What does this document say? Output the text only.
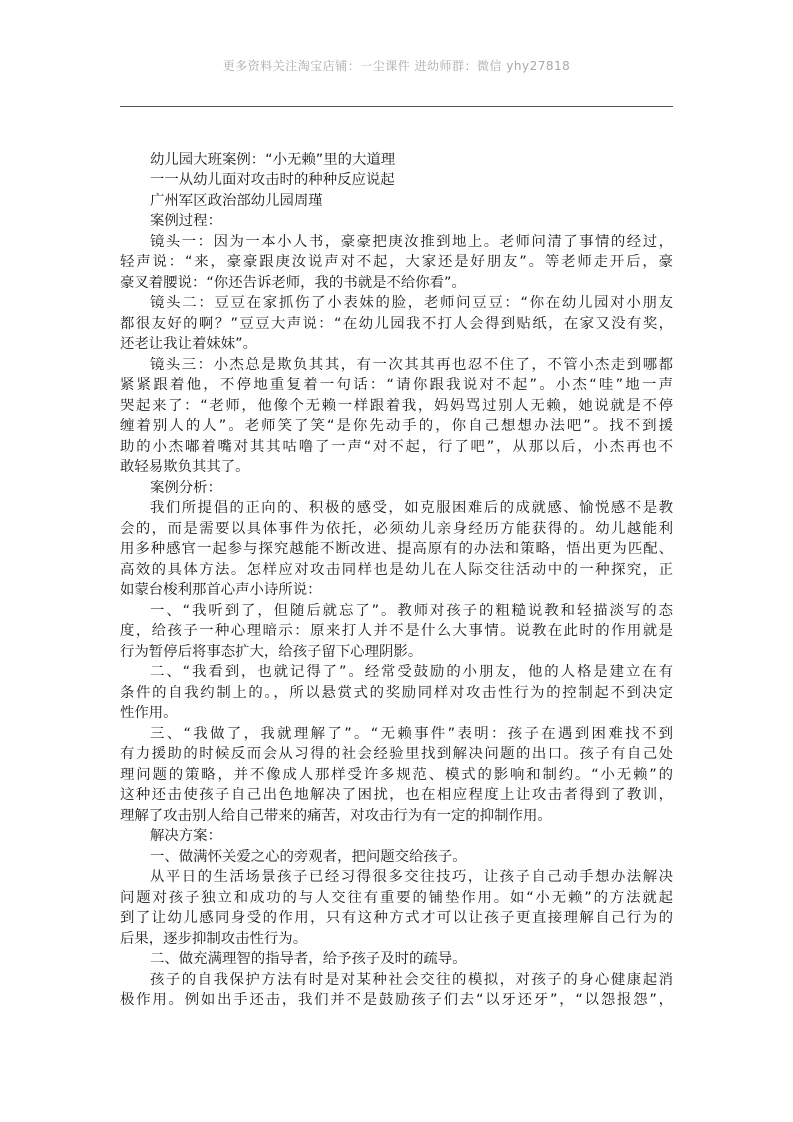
更多资料关注淘宝店铺：一尘课件 进幼师群：微信 yhy27818
幼儿园大班案例：“小无赖”里的大道理
一一从幼儿面对攻击时的种种反应说起
广州军区政治部幼儿园周瑾
案例过程：
镜头一：因为一本小人书，豪豪把庚汝推到地上。老师问清了事情的经过，
轻声说：“来，豪豪跟庚汝说声对不起，大家还是好朋友”。等老师走开后，豪
豪叉着腰说：“你还告诉老师，我的书就是不给你看”。
镜头二：豆豆在家抓伤了小表妹的脸，老师问豆豆：“你在幼儿园对小朋友
都很友好的啊？”豆豆大声说：“在幼儿园我不打人会得到贴纸，在家又没有奖，
还老让我让着妹妹”。
镜头三：小杰总是欺负其其，有一次其其再也忍不住了，不管小杰走到哪都
紧紧跟着他，不停地重复着一句话：“请你跟我说对不起”。小杰“哇”地一声
哭起来了：“老师，他像个无赖一样跟着我，妈妈骂过别人无赖，她说就是不停
缠着别人的人”。老师笑了笑“是你先动手的，你自己想想办法吧”。找不到援
助的小杰嘟着嘴对其其咕噜了一声“对不起，行了吧”，从那以后，小杰再也不
敢轻易欺负其其了。
案例分析：
我们所提倡的正向的、积极的感受，如克服困难后的成就感、愉悦感不是教
会的，而是需要以具体事件为依托，必须幼儿亲身经历方能获得的。幼儿越能利
用多种感官一起参与探究越能不断改进、提高原有的办法和策略，悟出更为匹配、
高效的具体方法。怎样应对攻击同样也是幼儿在人际交往活动中的一种探究，正
如蒙台梭利那首心声小诗所说：
一、“我听到了，但随后就忘了”。教师对孩子的粗糙说教和轻描淡写的态
度，给孩子一种心理暗示：原来打人并不是什么大事情。说教在此时的作用就是
行为暂停后将事态扩大，给孩子留下心理阴影。
二、“我看到，也就记得了”。经常受鼓励的小朋友，他的人格是建立在有
条件的自我约制上的。，所以悬赏式的奖励同样对攻击性行为的控制起不到决定
性作用。
三、“我做了，我就理解了”。“无赖事件”表明：孩子在遇到困难找不到
有力援助的时候反而会从习得的社会经验里找到解决问题的出口。孩子有自己处
理问题的策略，并不像成人那样受许多规范、模式的影响和制约。“小无赖”的
这种还击使孩子自己出色地解决了困扰，也在相应程度上让攻击者得到了教训，
理解了攻击别人给自己带来的痛苦，对攻击行为有一定的抑制作用。
解决方案：
一、做满怀关爱之心的旁观者，把问题交给孩子。
从平日的生活场景孩子已经习得很多交往技巧，让孩子自己动手想办法解决
问题对孩子独立和成功的与人交往有重要的铺垫作用。如“小无赖”的方法就起
到了让幼儿感同身受的作用，只有这种方式才可以让孩子更直接理解自己行为的
后果，逐步抑制攻击性行为。
二、做充满理智的指导者，给予孩子及时的疏导。
孩子的自我保护方法有时是对某种社会交往的模拟，对孩子的身心健康起消
极作用。例如出手还击，我们并不是鼓励孩子们去“以牙还牙”，“以怨报怨”，
